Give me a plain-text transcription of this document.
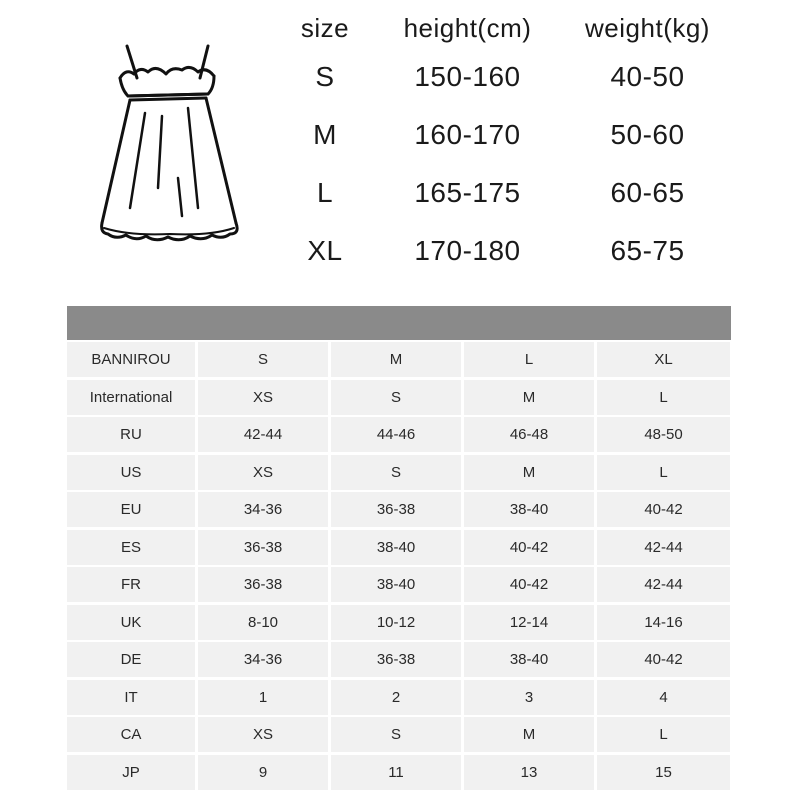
size	height(cm)	weight(kg)
S	150-160	40-50
M	160-170	50-60
L	165-175	60-65
XL	170-180	65-75
BANNIROU	S	M	L	XL
International	XS	S	M	L
RU	42-44	44-46	46-48	48-50
US	XS	S	M	L
EU	34-36	36-38	38-40	40-42
ES	36-38	38-40	40-42	42-44
FR	36-38	38-40	40-42	42-44
UK	8-10	10-12	12-14	14-16
DE	34-36	36-38	38-40	40-42
IT	1	2	3	4
CA	XS	S	M	L
JP	9	11	13	15
